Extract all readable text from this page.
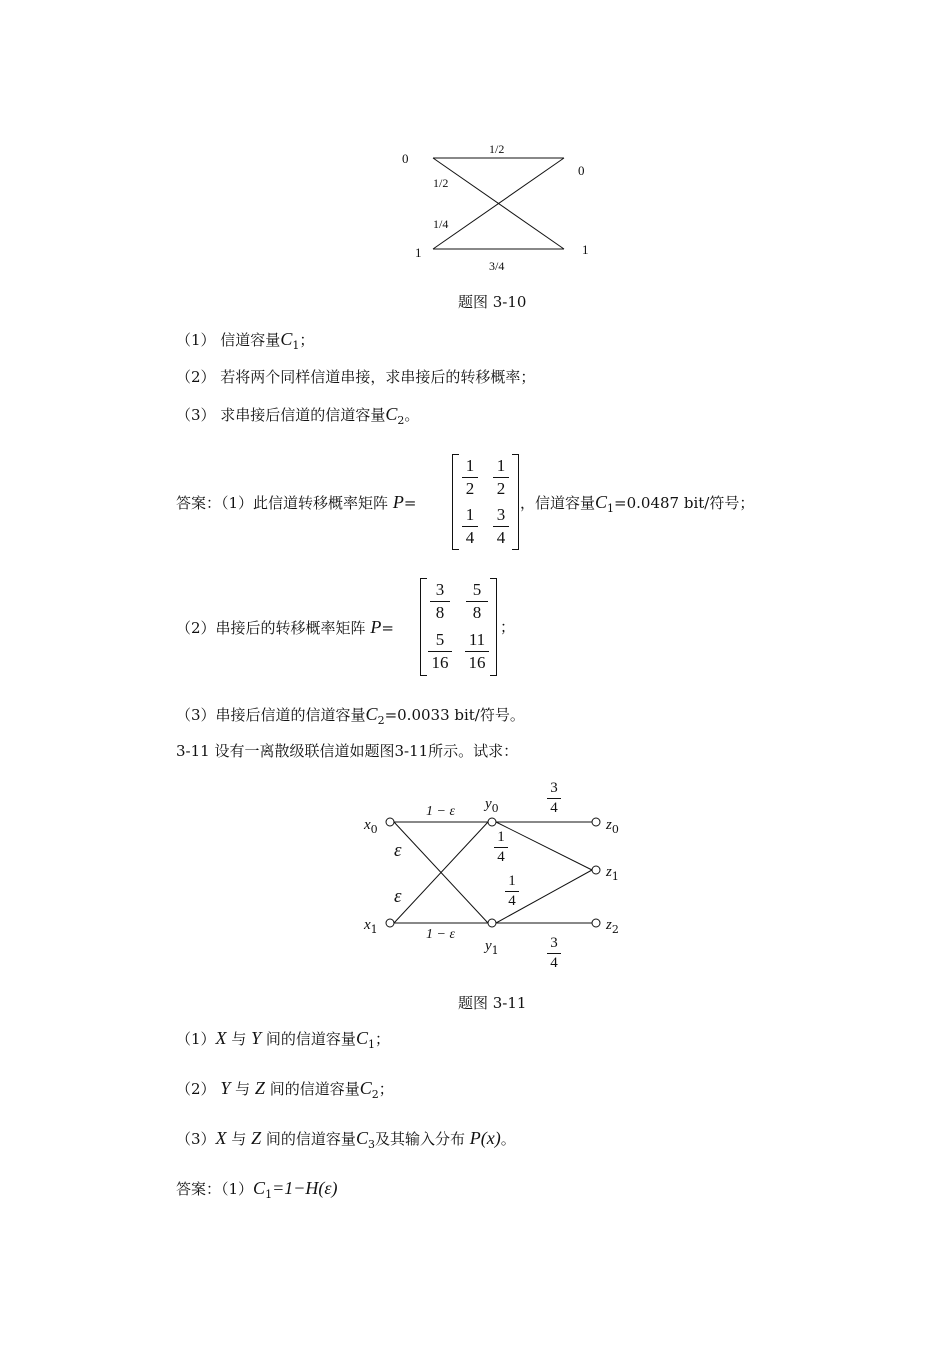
0
1
0
1
1/2
1/2
1/4
3/4
题图 3-10
（1） 信道容量$C_1$；
（2） 若将两个同样信道串接，求串接后的转移概率；
（3） 求串接后信道的信道容量$C_2$。
答案：（1）此信道转移概率矩阵 P=
1
2
1
2
1
4
3
4
，信道容量$C_1=0.0487$ bit/符号；
（2）串接后的转移概率矩阵 P=
3
8
5
8
5
16
11
16
；
（3）串接后信道的信道容量$C_2=0.0033$ bit/符号。
3-11 设有一离散级联信道如题图3-11所示。试求：
$x_0$
$x_1$
$y_0$
$y_1$
$z_0$
$z_1$
$z_2$
1 − ε
1 − ε
ε
ε
3
4
1
4
1
4
3
4
题图 3-11
（1）X 与 Y 间的信道容量$C_1$；
（2） Y 与 Z 间的信道容量$C_2$；
（3）X 与 Z 间的信道容量$C_3$及其输入分布 P(x)。
答案：$(1)C_1=1-H(\varepsilon)$
